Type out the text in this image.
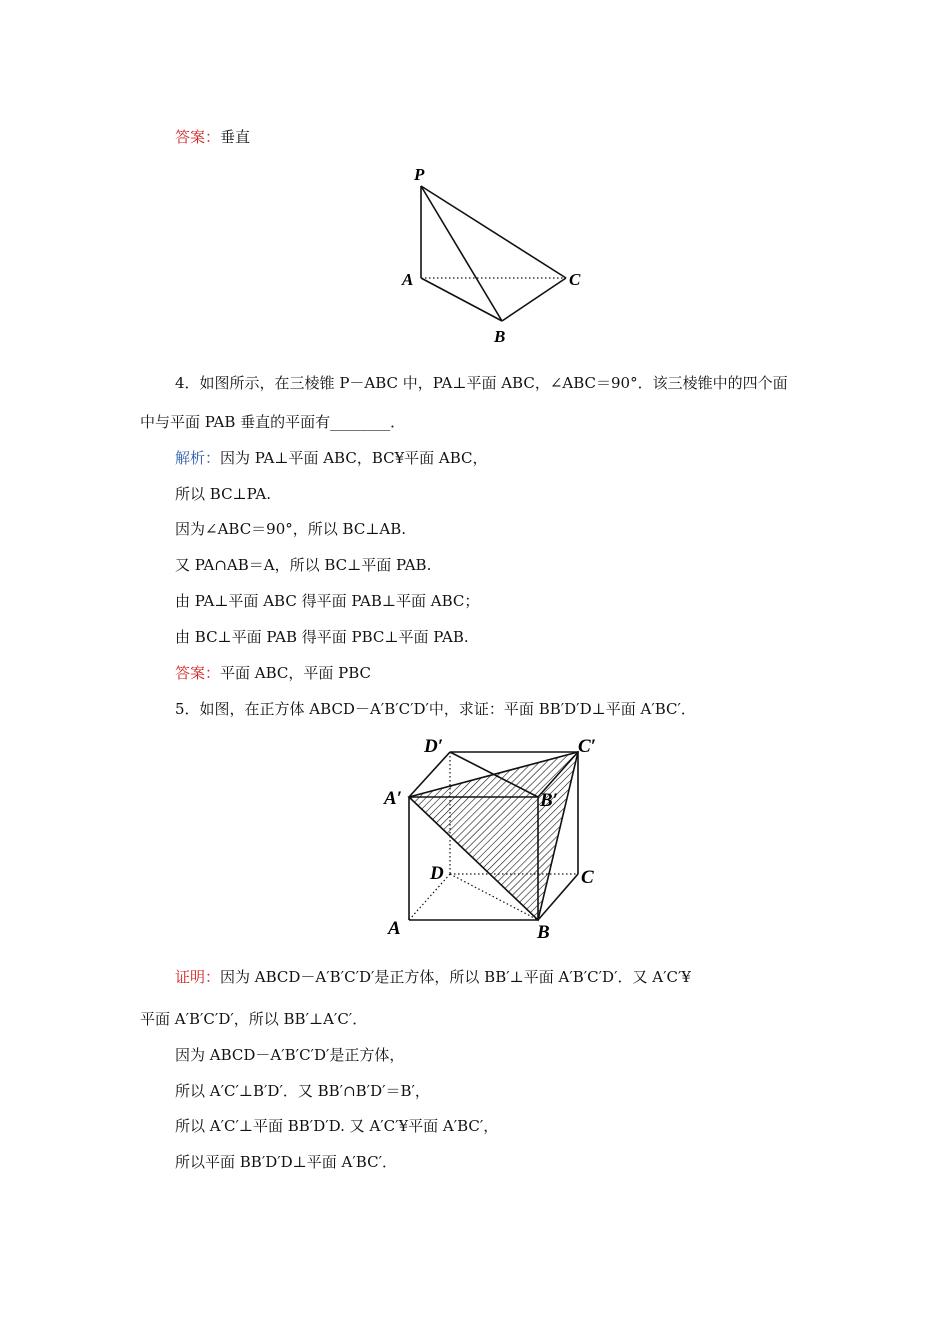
答案：垂直
P
A
B
C
4．如图所示，在三棱锥 P－ABC 中，PA⊥平面 ABC，∠ABC＝90°．该三棱锥中的四个面
中与平面 PAB 垂直的平面有________．
解析：因为 PA⊥平面 ABC，BC¥平面 ABC，
所以 BC⊥PA.
因为∠ABC＝90°，所以 BC⊥AB.
又 PA∩AB＝A，所以 BC⊥平面 PAB.
由 PA⊥平面 ABC 得平面 PAB⊥平面 ABC；
由 BC⊥平面 PAB 得平面 PBC⊥平面 PAB.
答案：平面 ABC，平面 PBC
5．如图，在正方体 ABCD－A′B′C′D′中，求证：平面 BB′D′D⊥平面 A′BC′．
D′	C′
A′	B′
D	C
A	B
证明：因为 ABCD－A′B′C′D′是正方体，所以 BB′⊥平面 A′B′C′D′．又 A′C′¥
平面 A′B′C′D′，所以 BB′⊥A′C′．
因为 ABCD－A′B′C′D′是正方体，
所以 A′C′⊥B′D′．又 BB′∩B′D′＝B′，
所以 A′C′⊥平面 BB′D′D. 又 A′C′¥平面 A′BC′，
所以平面 BB′D′D⊥平面 A′BC′．
